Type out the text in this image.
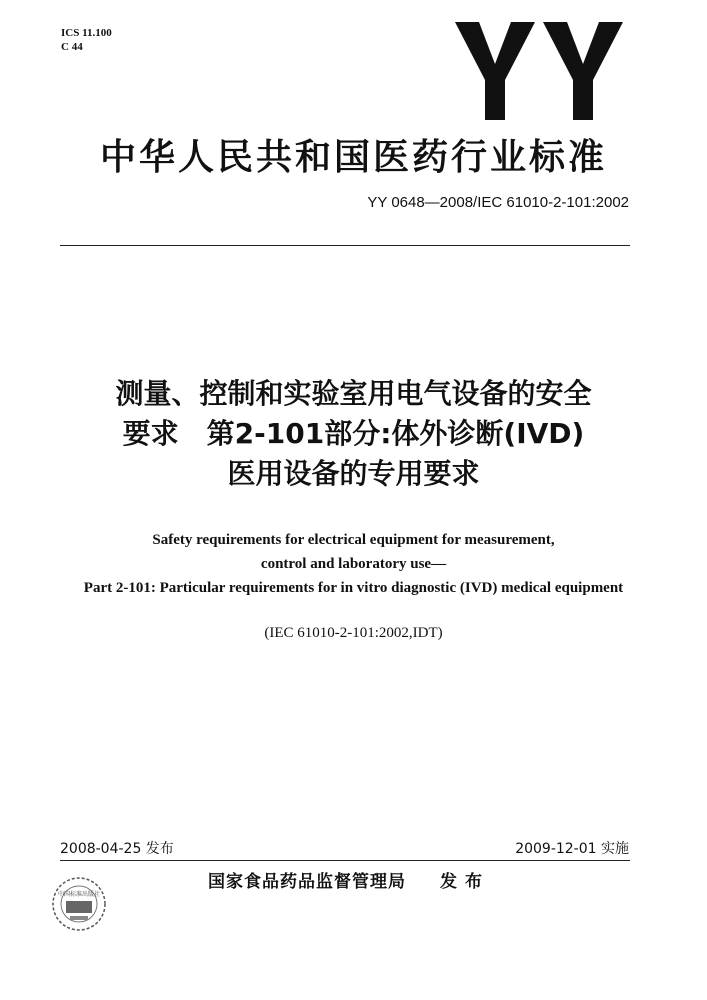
ICS 11.100
C 44
中华人民共和国医药行业标准
YY 0648—2008/IEC 61010-2-101:2002
测量、控制和实验室用电气设备的安全
要求　第2-101部分:体外诊断(IVD)
医用设备的专用要求
Safety requirements for electrical equipment for measurement,
control and laboratory use—
Part 2-101: Particular requirements for in vitro diagnostic (IVD) medical equipment
(IEC 61010-2-101:2002,IDT)
2008-04-25 发布	2009-12-01 实施
中国标准出版社
国家食品药品监督管理局 发布
